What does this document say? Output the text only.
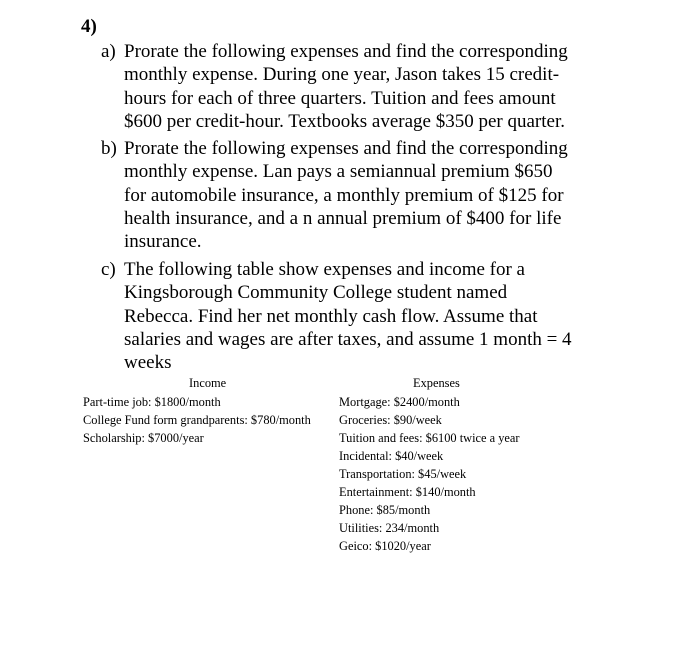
4)
a) Prorate the following expenses and find the corresponding
monthly expense. During one year, Jason takes 15 credit-
hours for each of three quarters. Tuition and fees amount
$600 per credit-hour. Textbooks average $350 per quarter.
b) Prorate the following expenses and find the corresponding
monthly expense. Lan pays a semiannual premium $650
for automobile insurance, a monthly premium of $125 for
health insurance, and a n annual premium of $400 for life
insurance.
c) The following table show expenses and income for a
Kingsborough Community College student named
Rebecca. Find her net monthly cash flow. Assume that
salaries and wages are after taxes, and assume 1 month = 4
weeks
Income	Expenses
Part-time job: $1800/month
College Fund form grandparents: $780/month
Scholarship: $7000/year
Mortgage: $2400/month
Groceries: $90/week
Tuition and fees: $6100 twice a year
Incidental: $40/week
Transportation: $45/week
Entertainment: $140/month
Phone: $85/month
Utilities: 234/month
Geico: $1020/year
